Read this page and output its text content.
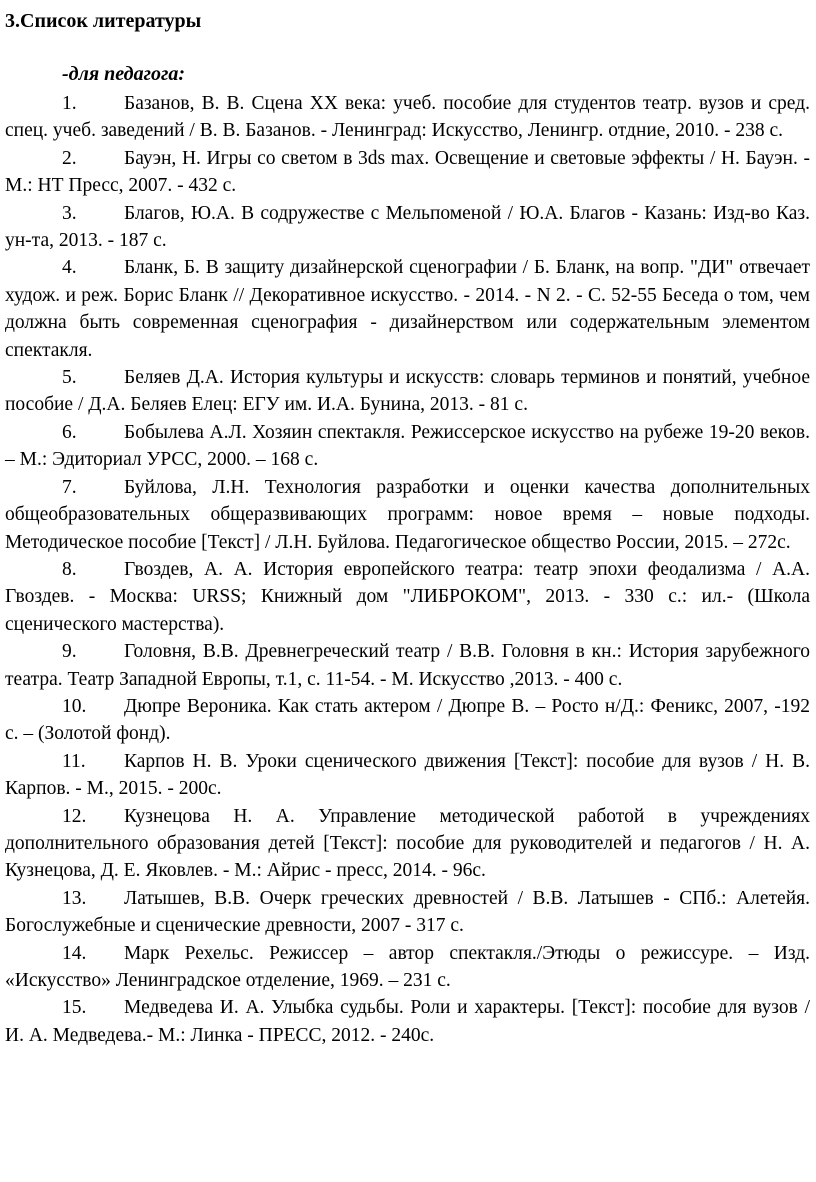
3.Список литературы

-для педагога:

1. Базанов, В. В. Сцена XX века: учеб. пособие для студентов театр. вузов и сред. спец. учеб. заведений / В. В. Базанов. - Ленинград: Искусство, Ленингр. отдние, 2010. - 238 с.

2. Бауэн, Н. Игры со светом в 3ds max. Освещение и световые эффекты / Н. Бауэн. - М.: НТ Пресс, 2007. - 432 с.

3. Благов, Ю.А. В содружестве с Мельпоменой / Ю.А. Благов - Казань: Изд-во Каз. ун-та, 2013. - 187 с.

4. Бланк, Б. В защиту дизайнерской сценографии / Б. Бланк, на вопр. "ДИ" отвечает худож. и реж. Борис Бланк // Декоративное искусство. - 2014. - N 2. - С. 52-55 Беседа о том, чем должна быть современная сценография - дизайнерством или содержательным элементом спектакля.

5. Беляев Д.А. История культуры и искусств: словарь терминов и понятий, учебное пособие / Д.А. Беляев Елец: ЕГУ им. И.А. Бунина, 2013. - 81 с.

6. Бобылева А.Л. Хозяин спектакля. Режиссерское искусство на рубеже 19-20 веков. – М.: Эдиториал УРСС, 2000. – 168 с.

7. Буйлова, Л.Н. Технология разработки и оценки качества дополнительных общеобразовательных общеразвивающих программ: новое время – новые подходы. Методическое пособие [Текст] / Л.Н. Буйлова. Педагогическое общество России, 2015. – 272с.

8. Гвоздев, А. А. История европейского театра: театр эпохи феодализма / А.А. Гвоздев. - Москва: URSS; Книжный дом "ЛИБРОКОМ", 2013. - 330 с.: ил.- (Школа сценического мастерства).

9. Головня, В.В. Древнегреческий театр / В.В. Головня в кн.: История зарубежного театра. Театр Западной Европы, т.1, с. 11-54. - М. Искусство ,2013. - 400 с.

10. Дюпре Вероника. Как стать актером / Дюпре В. – Росто н/Д.: Феникс, 2007, -192 с. – (Золотой фонд).

11. Карпов Н. В. Уроки сценического движения [Текст]: пособие для вузов / Н. В. Карпов. - М., 2015. - 200с.

12. Кузнецова Н. А. Управление методической работой в учреждениях дополнительного образования детей [Текст]: пособие для руководителей и педагогов / Н. А. Кузнецова, Д. Е. Яковлев. - М.: Айрис - пресс, 2014. - 96с.

13. Латышев, В.В. Очерк греческих древностей / В.В. Латышев - СПб.: Алетейя. Богослужебные и сценические древности, 2007 - 317 с.

14. Марк Рехельс. Режиссер – автор спектакля./Этюды о режиссуре. – Изд. «Искусство» Ленинградское отделение, 1969. – 231 с.

15. Медведева И. А. Улыбка судьбы. Роли и характеры. [Текст]: пособие для вузов / И. А. Медведева.- М.: Линка - ПРЕСС, 2012. - 240с.
